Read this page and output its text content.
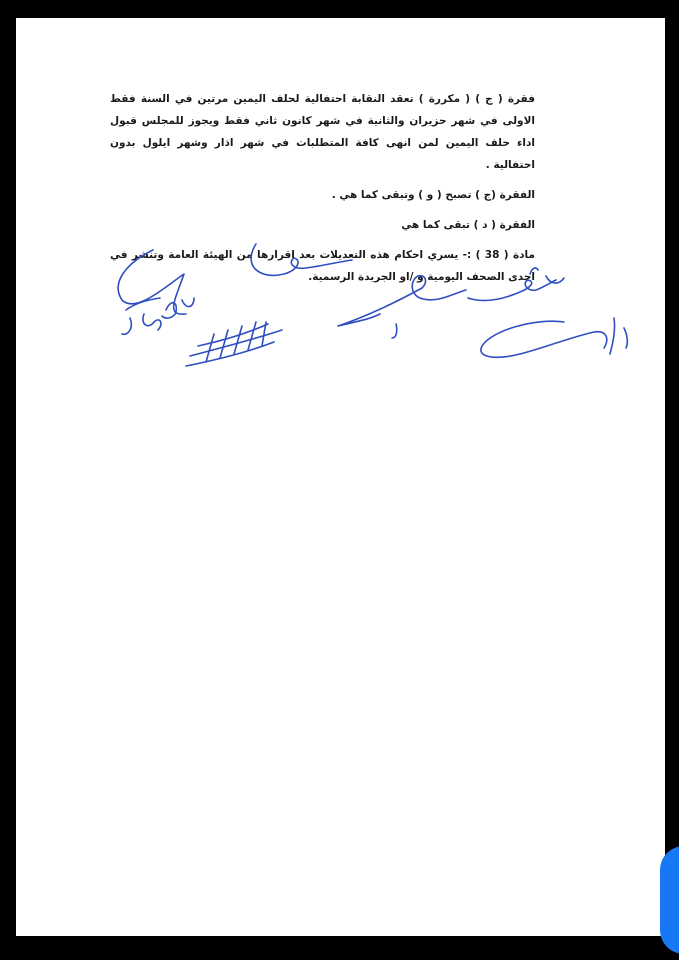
فقرة ( ج ) ( مكررة ) تعقد النقابة احتفالية لحلف اليمين مرتين في السنة فقط الاولى في شهر حزيران والثانية في شهر كانون ثاني فقط ويجوز للمجلس قبول اداء حلف اليمين لمن انهى كافة المتطلبات في شهر اذار وشهر ايلول بدون احتفالية .

الفقرة (ج ) تصبح ( و ) وتبقى كما هي .

الفقرة ( د ) تبقى كما هي

مادة ( 38 ) :- يسري احكام هذه التعديلات بعد اقرارها من الهيئة العامة وتنشر في احدى الصحف اليومية و /او الجريدة الرسمية.
